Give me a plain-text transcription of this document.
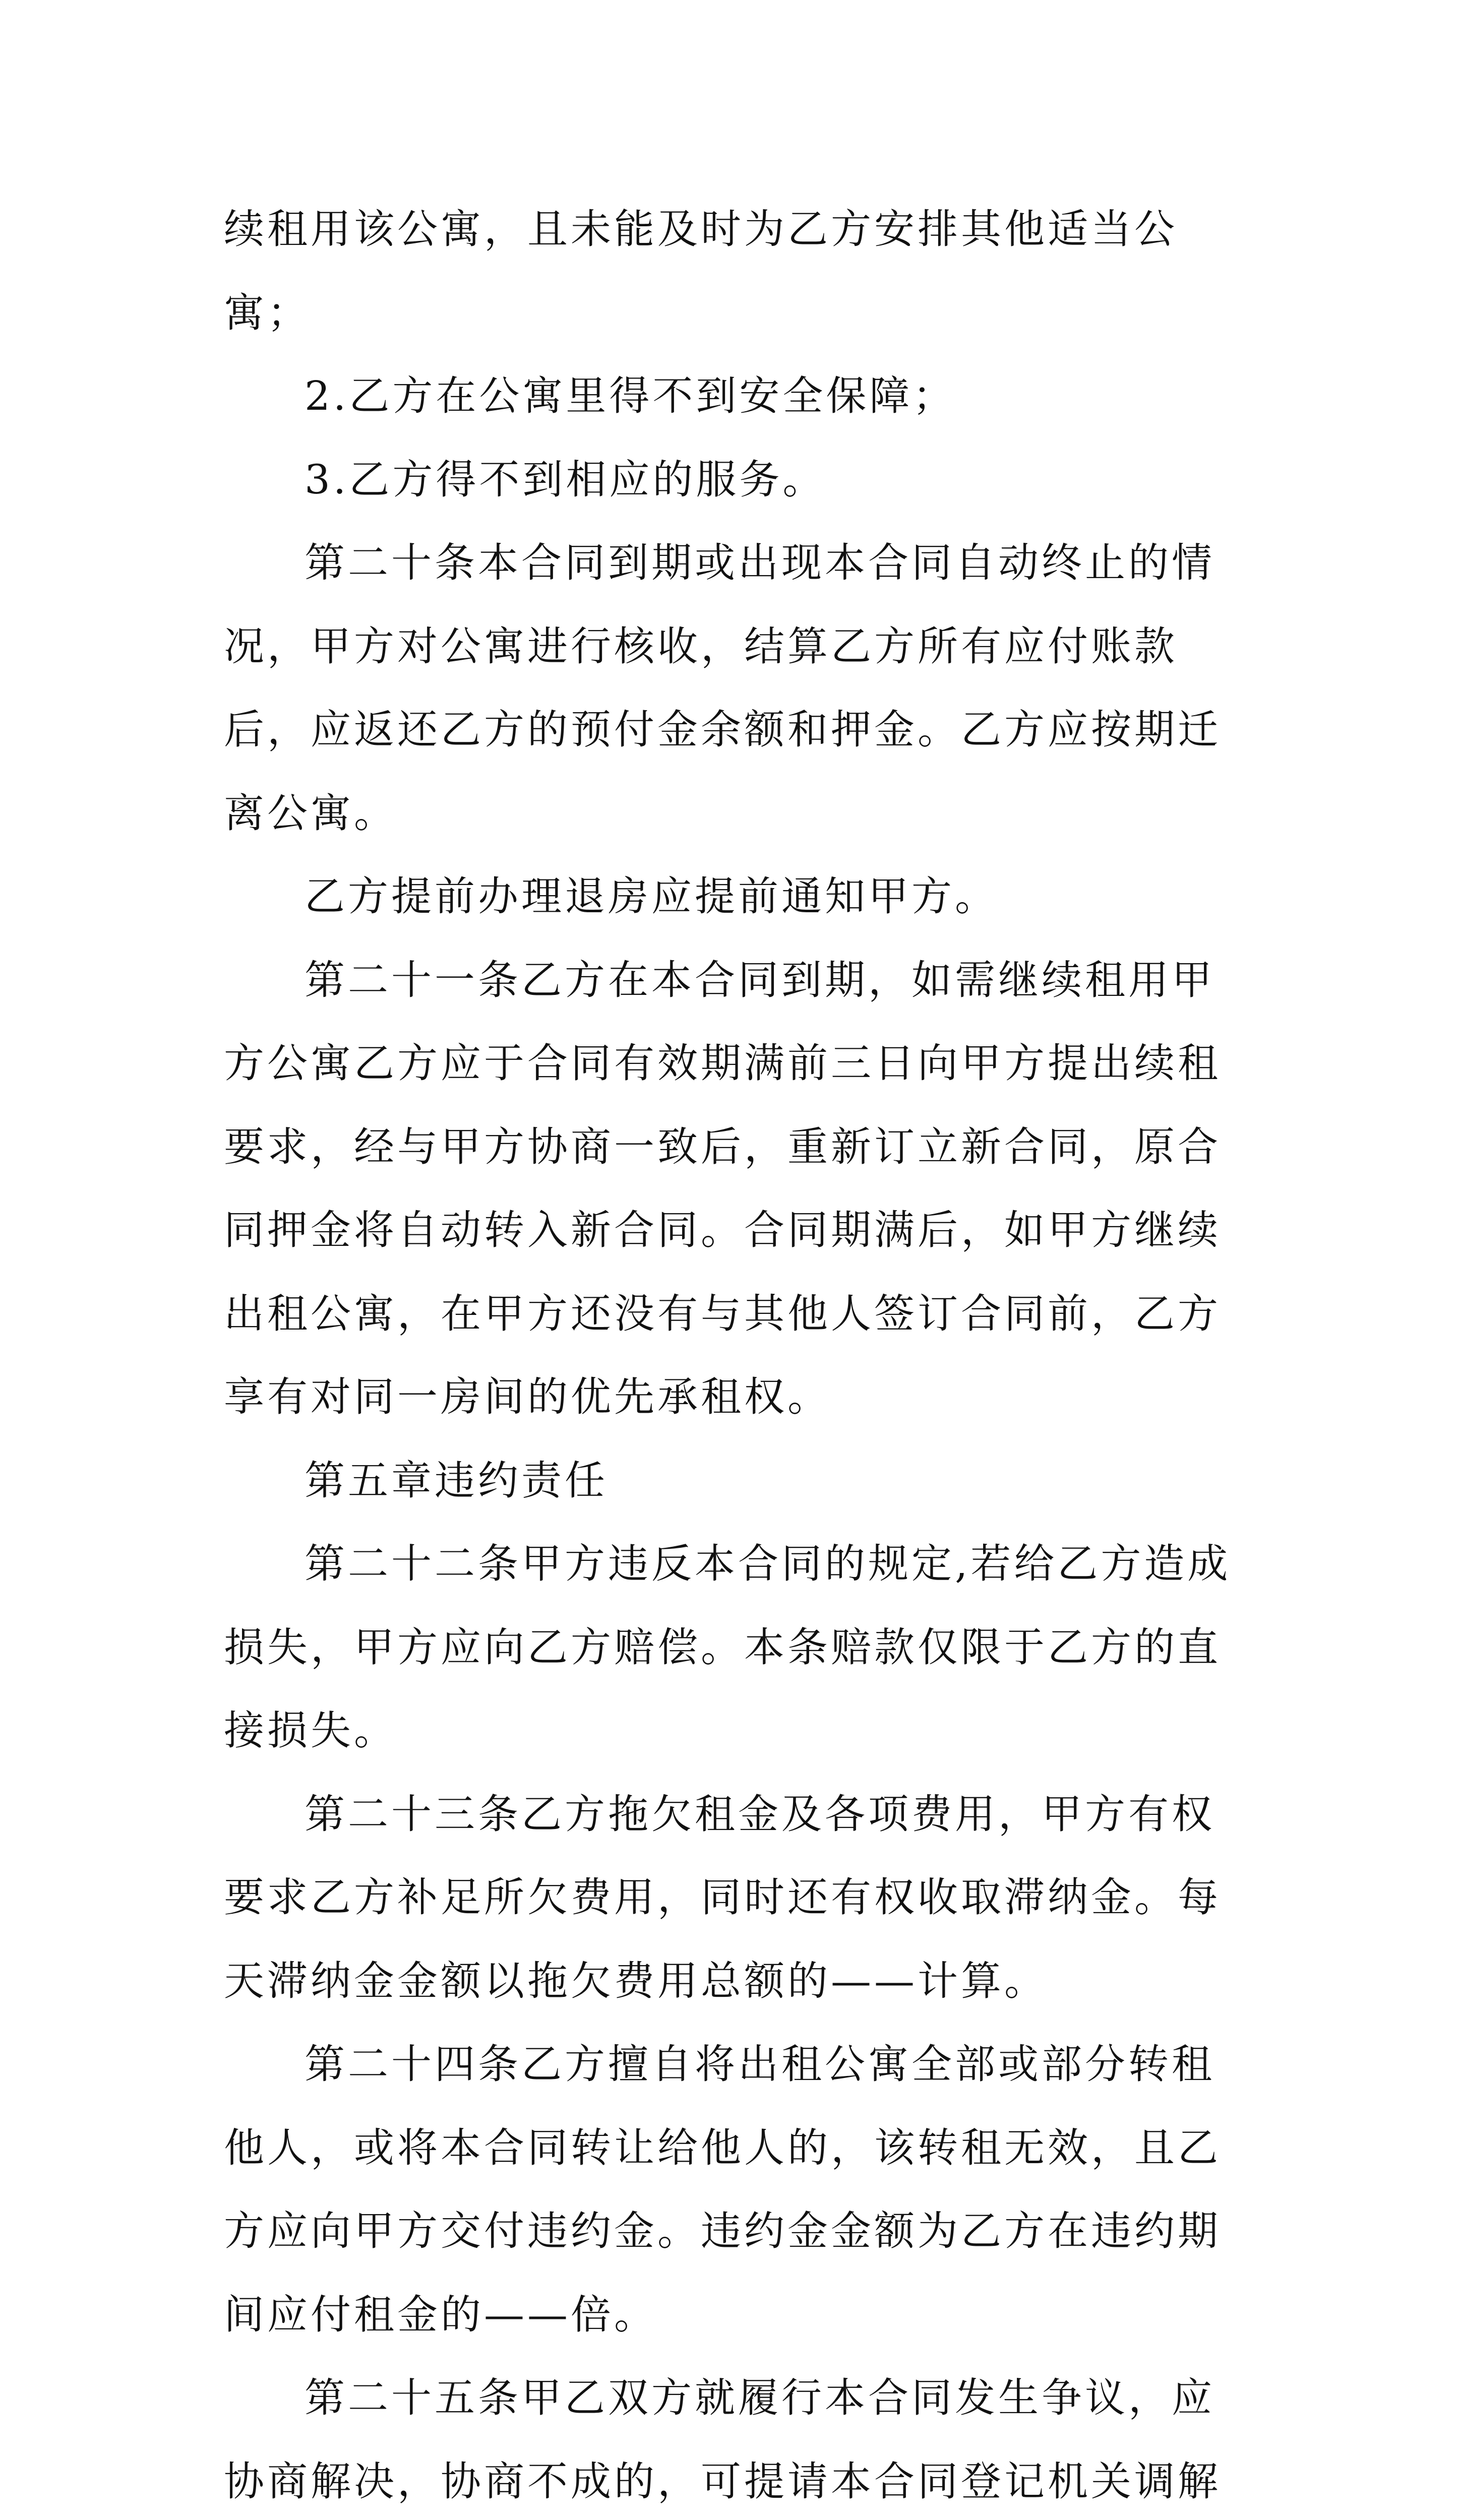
续租用该公寓，且未能及时为乙方安排其他适当公寓；

2.乙方在公寓里得不到安全保障；

3.乙方得不到相应的服务。

第二十条本合同到期或出现本合同自动终止的情况，甲方对公寓进行核收，结算乙方所有应付账款后，应返还乙方的预付金余额和押金。乙方应按期迁离公寓。

乙方提前办理退房应提前通知甲方。

第二十一条乙方在本合同到期，如需继续租用甲方公寓乙方应于合同有效期满前三日向甲方提出续租要求，经与甲方协商一致后，重新订立新合同，原合同押金将自动转入新合同。合同期满后，如甲方继续出租公寓，在甲方还没有与其他人签订合同前，乙方享有对同一房间的优先承租权。

第五章违约责任

第二十二条甲方违反本合同的规定,若给乙方造成损失，甲方应向乙方赔偿。本条赔款仅限于乙方的直接损失。

第二十三条乙方拖欠租金及各项费用，甲方有权要求乙方补足所欠费用，同时还有权收取滞纳金。每天滞纳金金额以拖欠费用总额的——计算。

第二十四条乙方擅自将出租公寓全部或部分转租他人，或将本合同转让给他人的，该转租无效，且乙方应向甲方交付违约金。违约金金额为乙方在违约期间应付租金的——倍。

第二十五条甲乙双方就履行本合同发生争议，应协商解决，协商不成的，可提请本合同登记机关调解
